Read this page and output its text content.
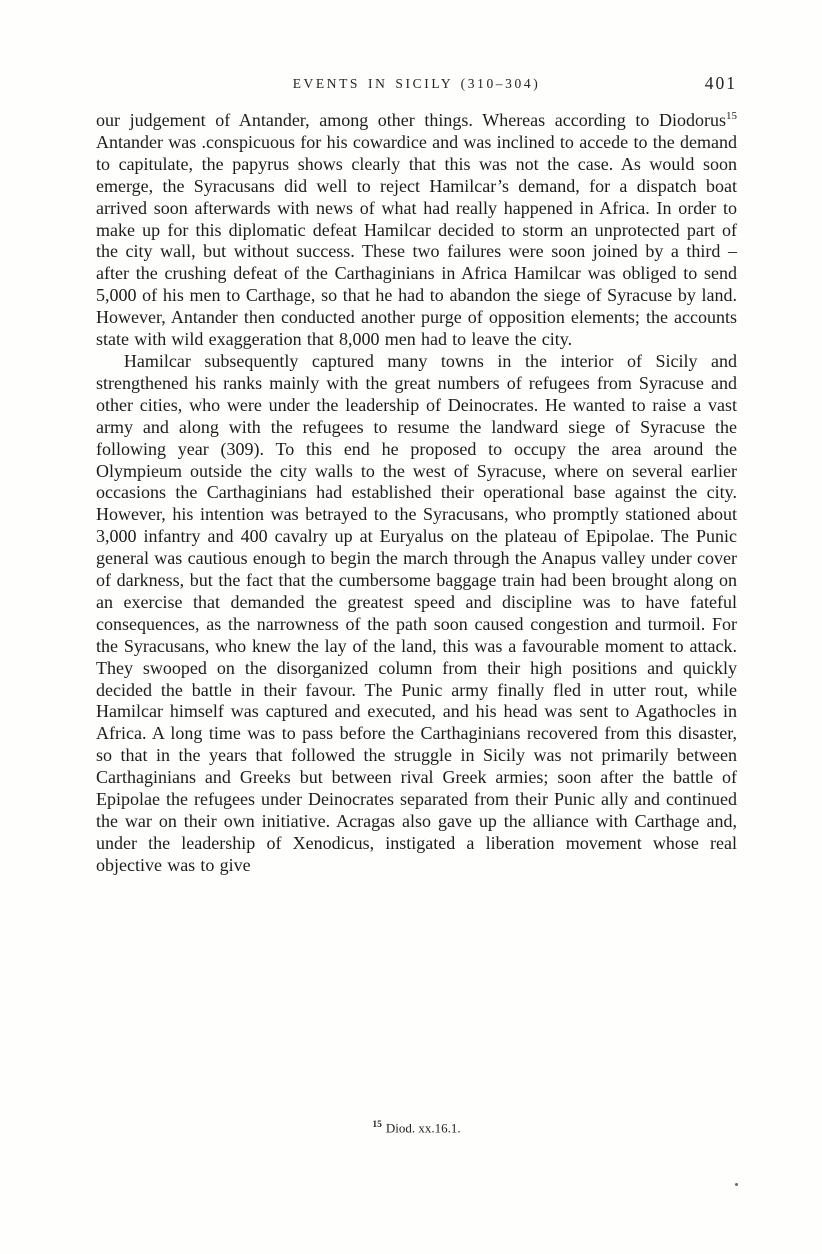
EVENTS IN SICILY (310–304)	401

our judgement of Antander, among other things. Whereas according to Diodorus$^{15}$ Antander was .conspicuous for his cowardice and was inclined to accede to the demand to capitulate, the papyrus shows clearly that this was not the case. As would soon emerge, the Syracusans did well to reject Hamilcar’s demand, for a dispatch boat arrived soon afterwards with news of what had really happened in Africa. In order to make up for this diplomatic defeat Hamilcar decided to storm an unprotected part of the city wall, but without success. These two failures were soon joined by a third – after the crushing defeat of the Carthaginians in Africa Hamilcar was obliged to send 5,000 of his men to Carthage, so that he had to abandon the siege of Syracuse by land. However, Antander then conducted another purge of opposition elements; the accounts state with wild exaggeration that 8,000 men had to leave the city.

Hamilcar subsequently captured many towns in the interior of Sicily and strengthened his ranks mainly with the great numbers of refugees from Syracuse and other cities, who were under the leadership of Deinocrates. He wanted to raise a vast army and along with the refugees to resume the landward siege of Syracuse the following year (309). To this end he proposed to occupy the area around the Olympieum outside the city walls to the west of Syracuse, where on several earlier occasions the Carthaginians had established their operational base against the city. However, his intention was betrayed to the Syracusans, who promptly stationed about 3,000 infantry and 400 cavalry up at Euryalus on the plateau of Epipolae. The Punic general was cautious enough to begin the march through the Anapus valley under cover of darkness, but the fact that the cumbersome baggage train had been brought along on an exercise that demanded the greatest speed and discipline was to have fateful consequences, as the narrowness of the path soon caused congestion and turmoil. For the Syracusans, who knew the lay of the land, this was a favourable moment to attack. They swooped on the disorganized column from their high positions and quickly decided the battle in their favour. The Punic army finally fled in utter rout, while Hamilcar himself was captured and executed, and his head was sent to Agathocles in Africa. A long time was to pass before the Carthaginians recovered from this disaster, so that in the years that followed the struggle in Sicily was not primarily between Carthaginians and Greeks but between rival Greek armies; soon after the battle of Epipolae the refugees under Deinocrates separated from their Punic ally and continued the war on their own initiative. Acragas also gave up the alliance with Carthage and, under the leadership of Xenodicus, instigated a liberation movement whose real objective was to give

$^{15}$ Diod. xx.16.1.
